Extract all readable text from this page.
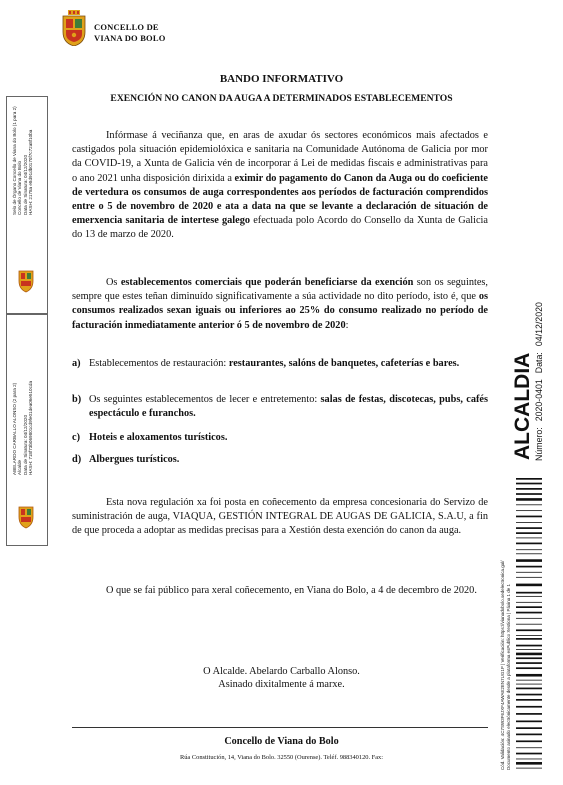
CONCELLO DE
VIANA DO BOLO
BANDO INFORMATIVO
EXENCIÓN NO CANON DA AUGA A DETERMINADOS ESTABLECEMENTOS
Infórmase á veciñanza que, en aras de axudar ós sectores económicos mais afectados e castigados pola situación epidemiolóxica e sanitaria na Comunidade Autónoma de Galicia por mor da COVID-19, a Xunta de Galicia vén de incorporar á Lei de medidas fiscais e administrativas para o ano 2021 unha disposición dirixida a eximir do pagamento do Canon da Auga ou do coeficiente de vertedura os consumos de auga correspondentes aos períodos de facturación comprendidos entre o 5 de novembro de 2020 e ata a data na que se levante a declaración de situación de emerxencia sanitaria de intertese galego efectuada polo Acordo do Consello da Xunta de Galicia do 13 de marzo de 2020.
Os establecementos comerciais que poderán beneficiarse da exención son os seguintes, sempre que estes teñan diminuído significativamente a súa actividade no dito período, isto é, que os consumos realizados sexan iguais ou inferiores ao 25% do consumo realizado no período de facturación inmediatamente anterior ó 5 de novembro de 2020:
a) Establecementos de restauración: restaurantes, salóns de banquetes, cafeterías e bares.
b) Os seguintes establecementos de lecer e entretemento: salas de festas, discotecas, pubs, cafés espectáculo e furanchos.
c) Hoteis e aloxamentos turísticos.
d) Albergues turísticos.
Esta nova regulación xa foi posta en coñecemento da empresa concesionaria do Servizo de suministración de auga, VIAQUA, GESTIÓN INTEGRAL DE AUGAS DE GALICIA, S.A.U, a fin de que proceda a adoptar as medidas precisas para a Xestión desta exención do canon da auga.
O que se fai público para xeral coñecemento, en Viana do Bolo, a 4 de decembro de 2020.
O Alcalde. Abelardo Carballo Alonso.
Asinado dixitalmente á marxe.
Concello de Viana do Bolo
Rúa Constitución, 14, Viana do Bolo. 32550 (Ourense). Teléf. 988340120. Fax:
Selo de Órgano Concello de Viana do Bolo (1 para 2) Concello de Viana do Bolo Data de Sinatura: 04/12/2020 HASH: 2178a e8d91db0170f7c72a8f10ba
ABELARDO CARBALLO ALONSO (2 para 2) Alcalde Data de Sinatura: 04/12/2020 HASH: 718f73b069801cd9fe01dea06e510cda	ALCALDIA Número:2020-0401Data:04/12/2020
Cód. Validación: 4C7SW3F6JXF4AWAE2EN7UG1P | Verificación: https://vianadobolo.sedelectronica.gal/ Documento asinado electrónicamente desde a plataforma esPublico Xestiona | Páxina 1 de 1
